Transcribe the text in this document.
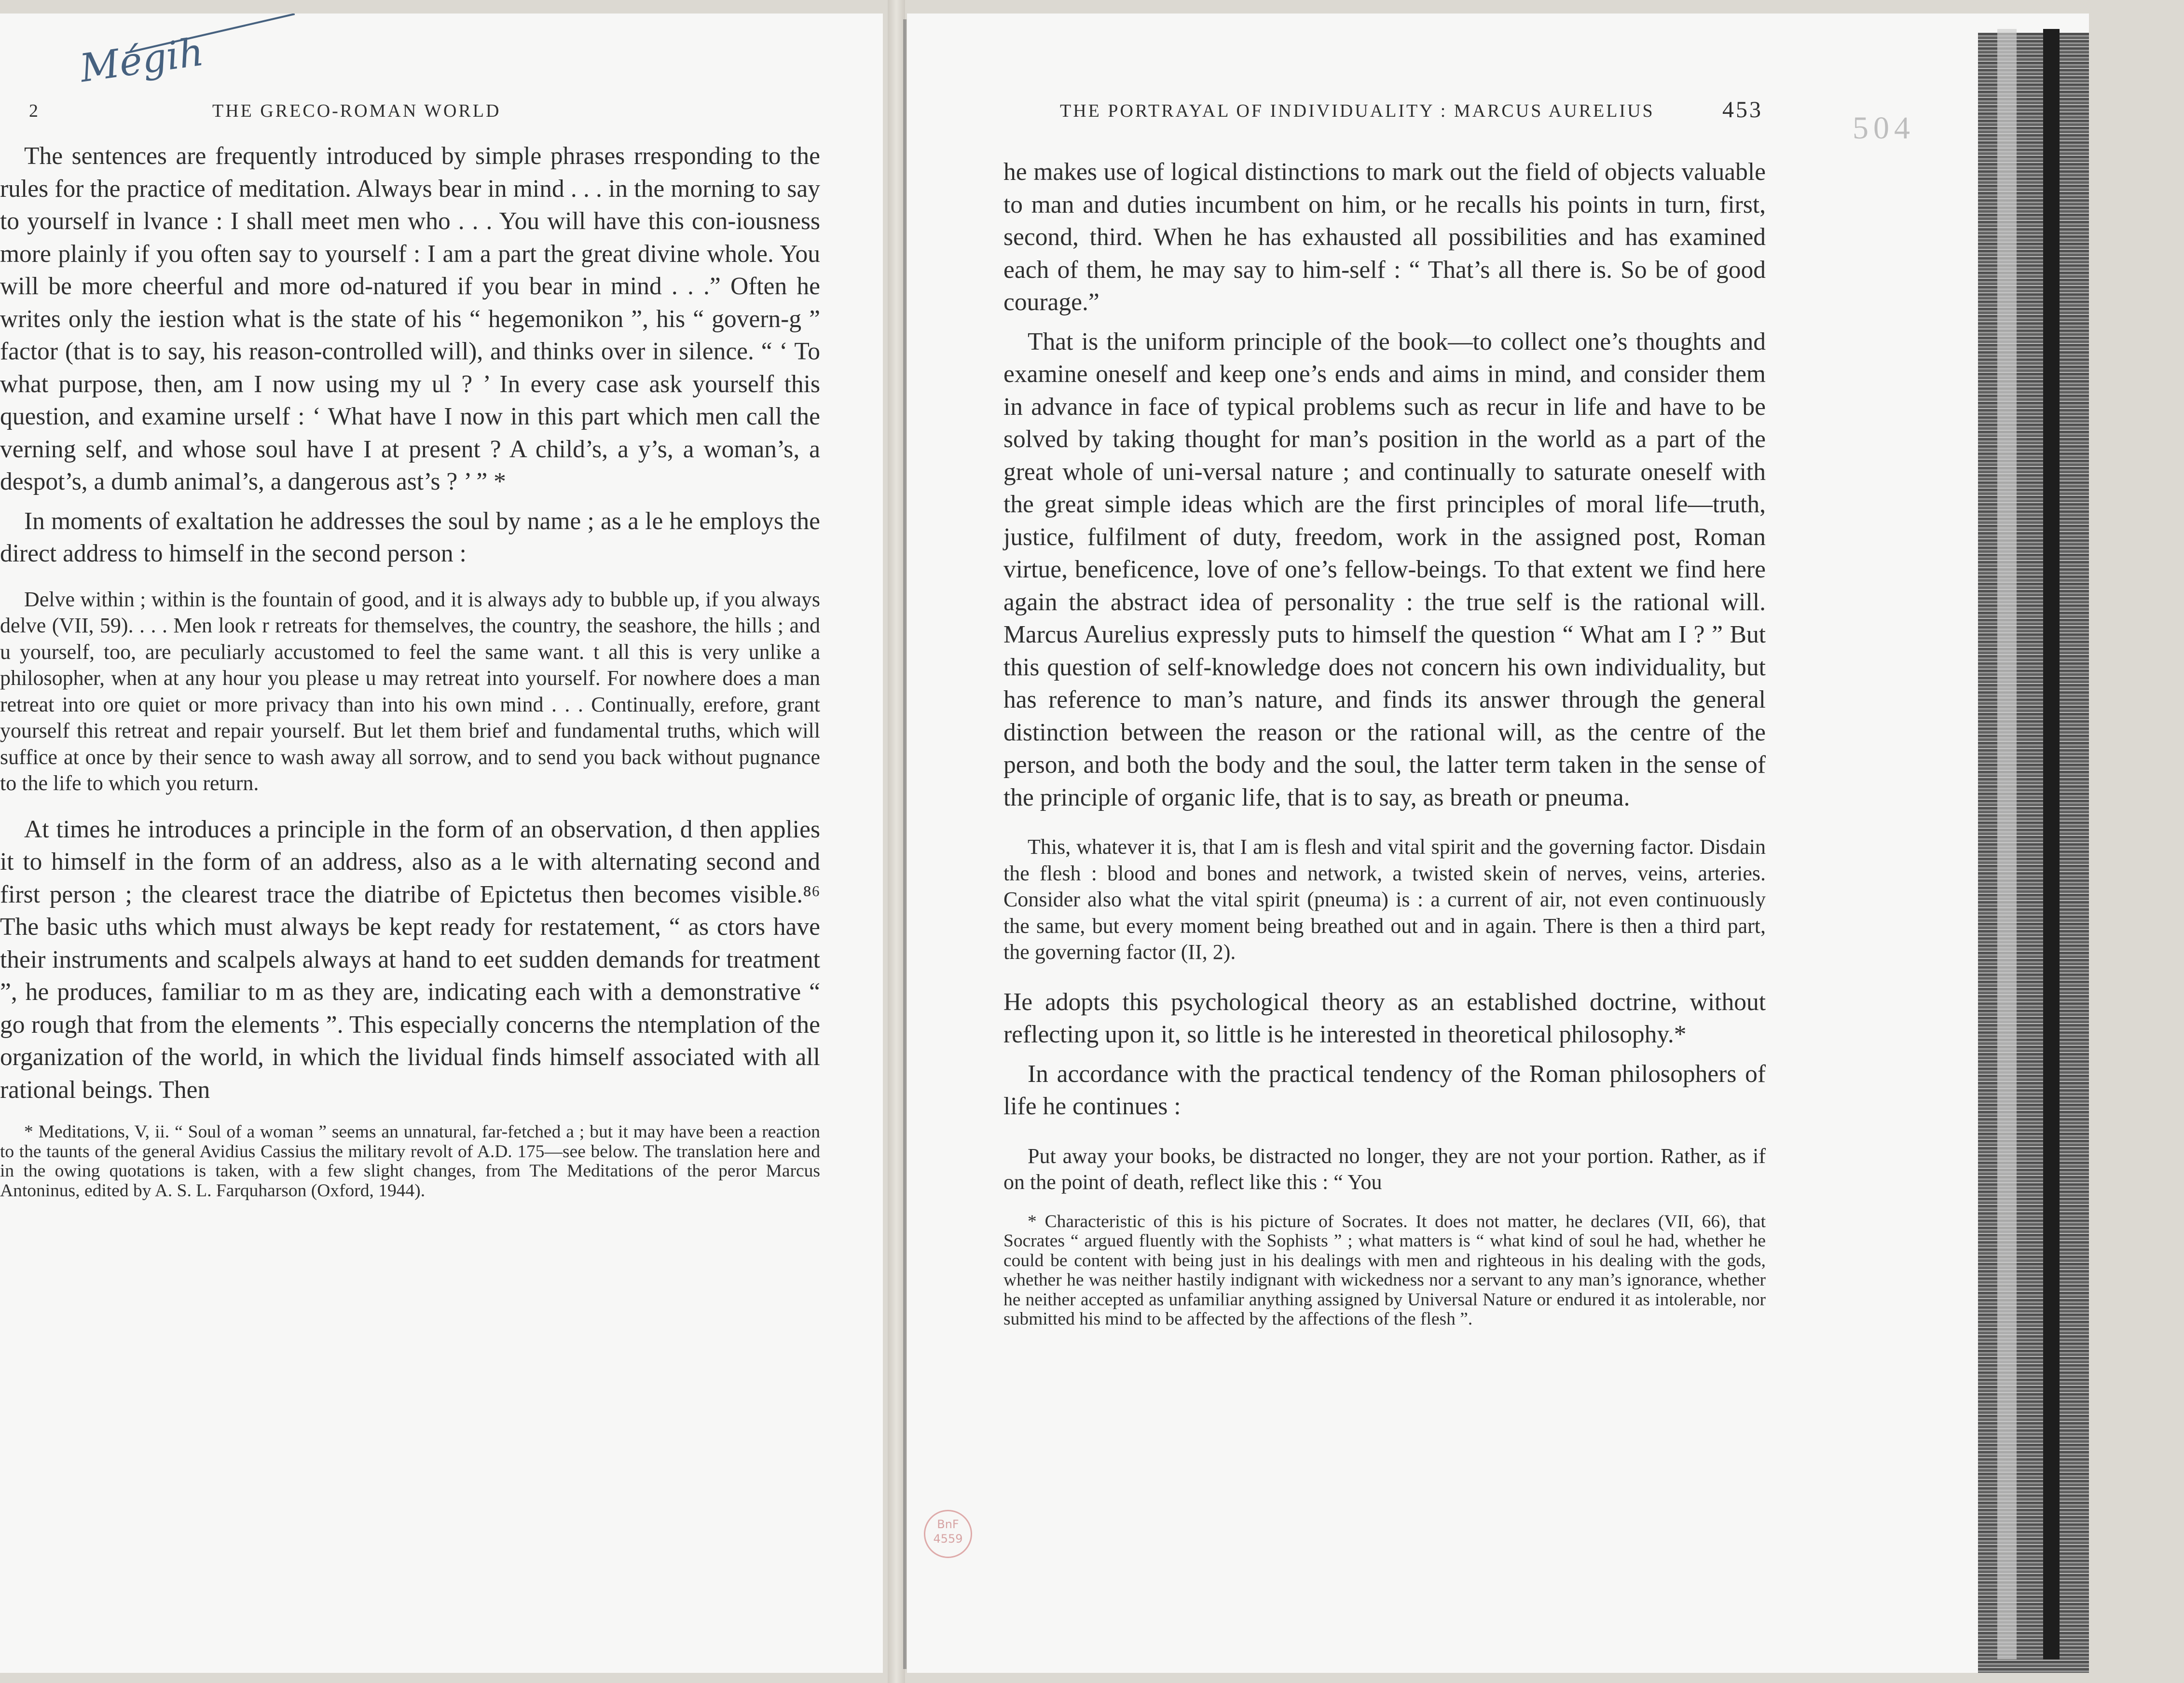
Mégih
2	THE GRECO-ROMAN WORLD

The sentences are frequently introduced by simple phrases rresponding to the rules for the practice of meditation. Always bear in mind . . . in the morning to say to yourself in lvance : I shall meet men who . . . You will have this con-iousness more plainly if you often say to yourself : I am a part the great divine whole. You will be more cheerful and more od-natured if you bear in mind . . .” Often he writes only the iestion what is the state of his “ hegemonikon ”, his “ govern-g ” factor (that is to say, his reason-controlled will), and thinks over in silence. “ ‘ To what purpose, then, am I now using my ul ? ’ In every case ask yourself this question, and examine urself : ‘ What have I now in this part which men call the verning self, and whose soul have I at present ? A child’s, a y’s, a woman’s, a despot’s, a dumb animal’s, a dangerous ast’s ? ’ ” *

In moments of exaltation he addresses the soul by name ; as a le he employs the direct address to himself in the second person :

Delve within ; within is the fountain of good, and it is always ady to bubble up, if you always delve (VII, 59). . . . Men look r retreats for themselves, the country, the seashore, the hills ; and u yourself, too, are peculiarly accustomed to feel the same want. t all this is very unlike a philosopher, when at any hour you please u may retreat into yourself. For nowhere does a man retreat into ore quiet or more privacy than into his own mind . . . Continually, erefore, grant yourself this retreat and repair yourself. But let them brief and fundamental truths, which will suffice at once by their sence to wash away all sorrow, and to send you back without pugnance to the life to which you return.

At times he introduces a principle in the form of an observation, d then applies it to himself in the form of an address, also as a le with alternating second and first person ; the clearest trace the diatribe of Epictetus then becomes visible.⁸⁶ The basic uths which must always be kept ready for restatement, “ as ctors have their instruments and scalpels always at hand to eet sudden demands for treatment ”, he produces, familiar to m as they are, indicating each with a demonstrative “ go rough that from the elements ”. This especially concerns the ntemplation of the organization of the world, in which the lividual finds himself associated with all rational beings. Then

* Meditations, V, ii. “ Soul of a woman ” seems an unnatural, far-fetched a ; but it may have been a reaction to the taunts of the general Avidius Cassius the military revolt of A.D. 175—see below. The translation here and in the owing quotations is taken, with a few slight changes, from The Meditations of the peror Marcus Antoninus, edited by A. S. L. Farquharson (Oxford, 1944).

THE PORTRAYAL OF INDIVIDUALITY : MARCUS AURELIUS	453
504

he makes use of logical distinctions to mark out the field of objects valuable to man and duties incumbent on him, or he recalls his points in turn, first, second, third. When he has exhausted all possibilities and has examined each of them, he may say to him-self : “ That’s all there is. So be of good courage.”

That is the uniform principle of the book—to collect one’s thoughts and examine oneself and keep one’s ends and aims in mind, and consider them in advance in face of typical problems such as recur in life and have to be solved by taking thought for man’s position in the world as a part of the great whole of uni-versal nature ; and continually to saturate oneself with the great simple ideas which are the first principles of moral life—truth, justice, fulfilment of duty, freedom, work in the assigned post, Roman virtue, beneficence, love of one’s fellow-beings. To that extent we find here again the abstract idea of personality : the true self is the rational will. Marcus Aurelius expressly puts to himself the question “ What am I ? ” But this question of self-knowledge does not concern his own individuality, but has reference to man’s nature, and finds its answer through the general distinction between the reason or the rational will, as the centre of the person, and both the body and the soul, the latter term taken in the sense of the principle of organic life, that is to say, as breath or pneuma.

This, whatever it is, that I am is flesh and vital spirit and the governing factor. Disdain the flesh : blood and bones and network, a twisted skein of nerves, veins, arteries. Consider also what the vital spirit (pneuma) is : a current of air, not even continuously the same, but every moment being breathed out and in again. There is then a third part, the governing factor (II, 2).

He adopts this psychological theory as an established doctrine, without reflecting upon it, so little is he interested in theoretical philosophy.*

In accordance with the practical tendency of the Roman philosophers of life he continues :

Put away your books, be distracted no longer, they are not your portion. Rather, as if on the point of death, reflect like this : “ You

* Characteristic of this is his picture of Socrates. It does not matter, he declares (VII, 66), that Socrates “ argued fluently with the Sophists ” ; what matters is “ what kind of soul he had, whether he could be content with being just in his dealings with men and righteous in his dealing with the gods, whether he was neither hastily indignant with wickedness nor a servant to any man’s ignorance, whether he neither accepted as unfamiliar anything assigned by Universal Nature or endured it as intolerable, nor submitted his mind to be affected by the affections of the flesh ”.

BnF 4559
